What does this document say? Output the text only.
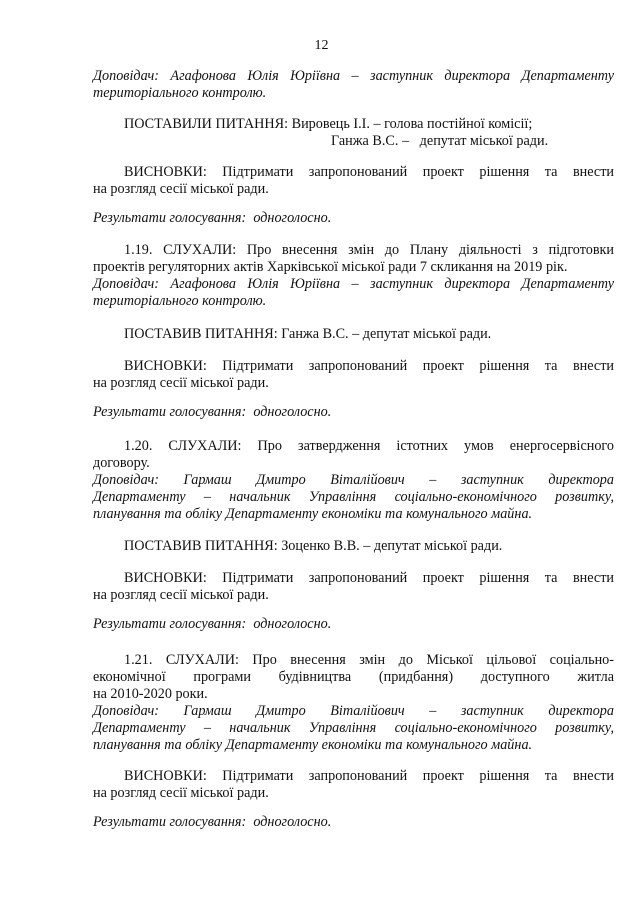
12
Доповідач: Агафонова Юлія Юріївна – заступник директора Департаменту
територіального контролю.
ПОСТАВИЛИ ПИТАННЯ: Вировець І.І. – голова постійної комісії;
Ганжа В.С. –   депутат міської ради.
ВИСНОВКИ: Підтримати запропонований проект рішення та внести
на розгляд сесії міської ради.
Результати голосування:  одноголосно.
1.19. СЛУХАЛИ: Про внесення змін до Плану діяльності з підготовки
проектів регуляторних актів Харківської міської ради 7 скликання на 2019 рік.
Доповідач: Агафонова Юлія Юріївна – заступник директора Департаменту
територіального контролю.
ПОСТАВИВ ПИТАННЯ: Ганжа В.С. – депутат міської ради.
ВИСНОВКИ: Підтримати запропонований проект рішення та внести
на розгляд сесії міської ради.
Результати голосування:  одноголосно.
1.20. СЛУХАЛИ: Про затвердження істотних умов енергосервісного
договору.
Доповідач: Гармаш Дмитро Віталійович – заступник директора
Департаменту – начальник Управління соціально-економічного розвитку,
планування та обліку Департаменту економіки та комунального майна.
ПОСТАВИВ ПИТАННЯ: Зоценко В.В. – депутат міської ради.
ВИСНОВКИ: Підтримати запропонований проект рішення та внести
на розгляд сесії міської ради.
Результати голосування:  одноголосно.
1.21. СЛУХАЛИ: Про внесення змін до Міської цільової соціально-
економічної програми будівництва (придбання) доступного житла
на 2010-2020 роки.
Доповідач: Гармаш Дмитро Віталійович – заступник директора
Департаменту – начальник Управління соціально-економічного розвитку,
планування та обліку Департаменту економіки та комунального майна.
ВИСНОВКИ: Підтримати запропонований проект рішення та внести
на розгляд сесії міської ради.
Результати голосування:  одноголосно.
